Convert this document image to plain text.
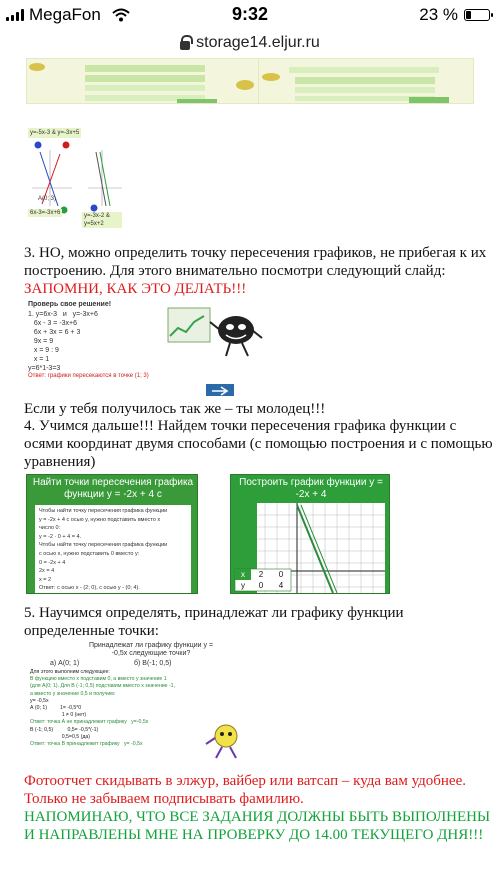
MegaFon	9:32	23 %
storage14.eljur.ru
y=-5x-3 & y=-3x+5
A(0; 3)
6x-3=-3x+6	y=-3x-2 & y=5x+2
3. НО, можно определить точку пересечения графиков, не прибегая к их построению. Для этого внимательно посмотри следующий слайд:
ЗАПОМНИ, КАК ЭТО ДЕЛАТЬ!!!
Проверь свое решение!
1. y=6x-3   и   y=-3x+6
6x - 3 = -3x+6
6x + 3x = 6 + 3
9x = 9
x = 9 : 9
x = 1
y=6*1-3=3
Ответ: графики пересекаются в точке (1; 3)
Если у тебя получилось так же – ты молодец!!!
4. Учимся дальше!!! Найдем точки пересечения графика функции с осями координат двумя способами (с помощью построения и с помощью уравнения)
Найти точки пересечения графика функции y = -2x + 4 с
Чтобы найти точку пересечения графика функции
y = -2x + 4 с осью у, нужно подставить вместо х
число 0:
y = -2 · 0 + 4 = 4.
Чтобы найти точку пересечения графика функции
с осью х, нужно подставить 0 вместо у:
0 = -2x + 4
2x = 4
x = 2
Ответ: с осью х - (2; 0), с осью у - (0; 4).
Построить график функции y = -2x + 4
x	2	0
y	0	4
5. Научимся определять, принадлежат ли графику функции определенные точки:
Принадлежат ли графику функции y = -0,5x следующие точки?
а) А(0; 1)	б) В(-1; 0,5)
Для этого выполним следующее:
В функцию вместо x подставим 0, а вместо y значение 1
(для А(0; 1). Для В (-1; 0,5) подставим вместо x значение -1,
а вместо y значение 0,5 и получим:
y= -0,5x
А (0; 1)         1= -0,5*0
1 ≠ 0 (нет)
Ответ: точка А не принадлежит графику   y=-0,5x
В (-1; 0,5)          0,5= -0,5*(-1)
0,5=0,5 (да)
Ответ: точка В принадлежит графику   y= -0,5x
Фотоотчет скидывать в элжур, вайбер или ватсап – куда вам удобнее.
Только не забываем подписывать фамилию.
НАПОМИНАЮ, ЧТО ВСЕ ЗАДАНИЯ ДОЛЖНЫ БЫТЬ ВЫПОЛНЕНЫ И НАПРАВЛЕНЫ МНЕ НА ПРОВЕРКУ ДО 14.00 ТЕКУЩЕГО ДНЯ!!!
